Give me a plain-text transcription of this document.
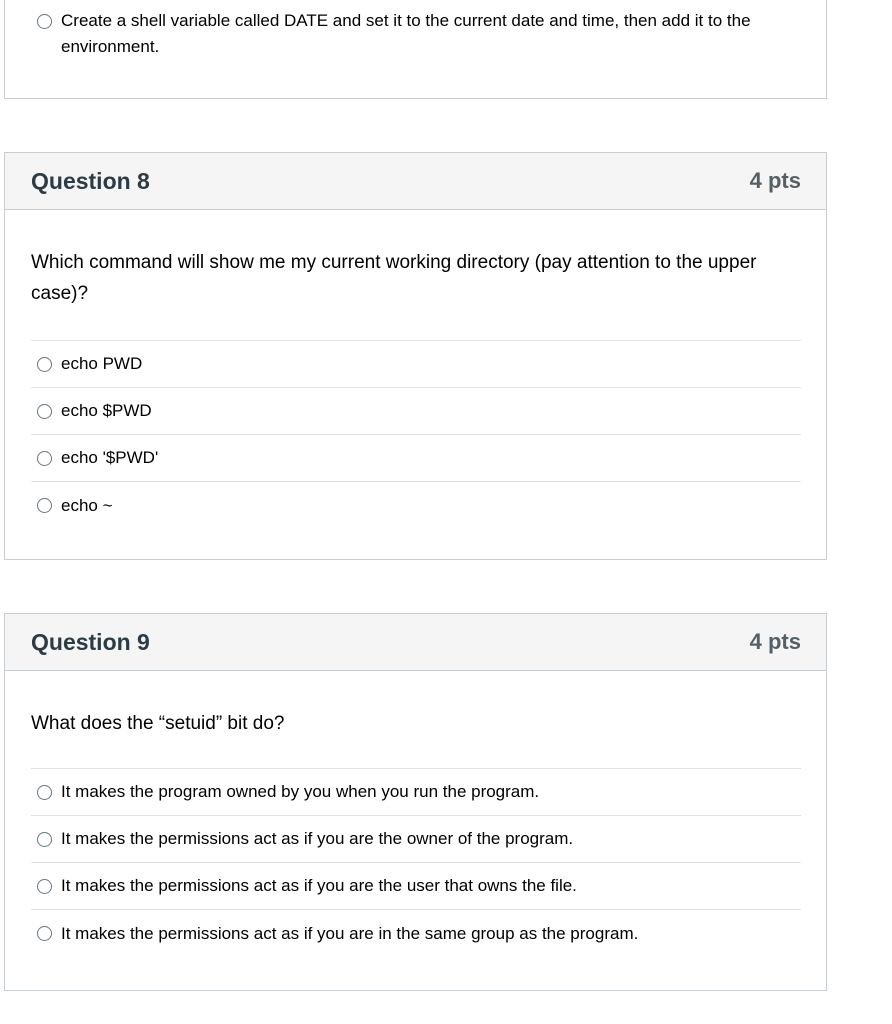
Create a shell variable called DATE and set it to the current date and time, then add it to the environment.
Question 8	4 pts
Which command will show me my current working directory (pay attention to the upper case)?
echo PWD
echo $PWD
echo '$PWD'
echo ~
Question 9	4 pts
What does the “setuid” bit do?
It makes the program owned by you when you run the program.
It makes the permissions act as if you are the owner of the program.
It makes the permissions act as if you are the user that owns the file.
It makes the permissions act as if you are in the same group as the program.
